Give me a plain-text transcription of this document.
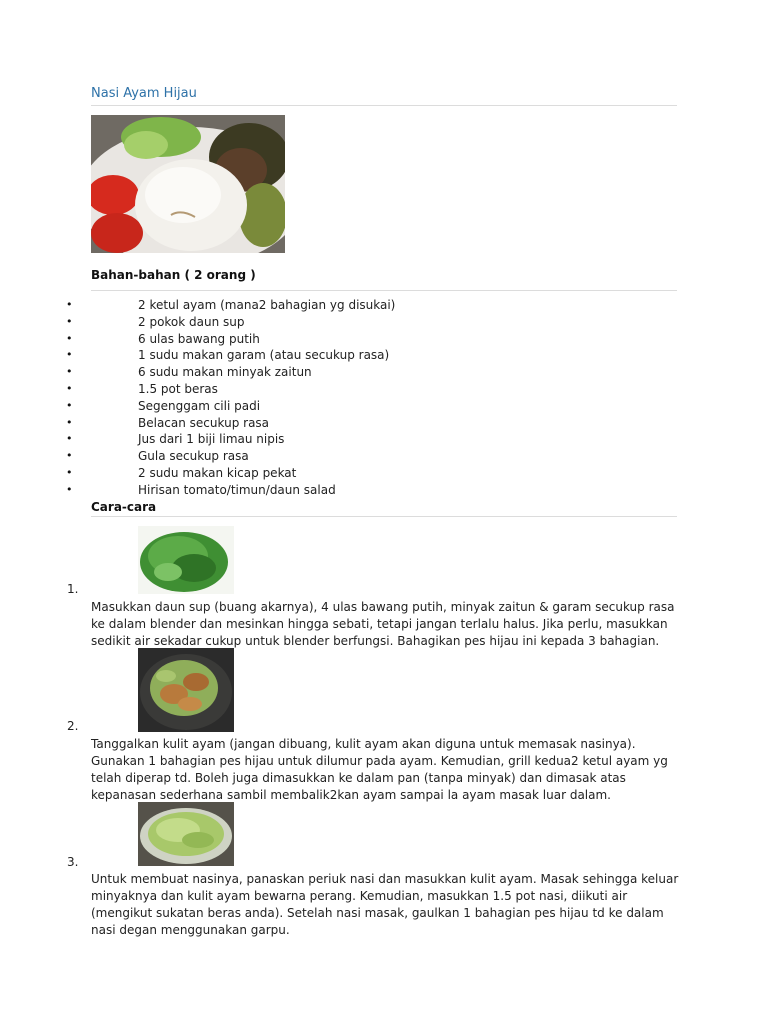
Nasi Ayam Hijau
Bahan-bahan ( 2 orang )
•	2 ketul ayam (mana2 bahagian yg disukai)
•	2 pokok daun sup
•	6 ulas bawang putih
•	1 sudu makan garam (atau secukup rasa)
•	6 sudu makan minyak zaitun
•	1.5 pot beras
•	Segenggam cili padi
•	Belacan secukup rasa
•	Jus dari 1 biji limau nipis
•	Gula secukup rasa
•	2 sudu makan kicap pekat
•	Hirisan tomato/timun/daun salad
Cara-cara
1.

Masukkan daun sup (buang akarnya), 4 ulas bawang putih, minyak zaitun & garam secukup rasa ke dalam blender dan mesinkan hingga sebati, tetapi jangan terlalu halus. Jika perlu, masukkan sedikit air sekadar cukup untuk blender berfungsi. Bahagikan pes hijau ini kepada 3 bahagian.

2.

Tanggalkan kulit ayam (jangan dibuang, kulit ayam akan diguna untuk memasak nasinya). Gunakan 1 bahagian pes hijau untuk dilumur pada ayam. Kemudian, grill kedua2 ketul ayam yg telah diperap td. Boleh juga dimasukkan ke dalam pan (tanpa minyak) dan dimasak atas kepanasan sederhana sambil membalik2kan ayam sampai la ayam masak luar dalam.

3.

Untuk membuat nasinya, panaskan periuk nasi dan masukkan kulit ayam. Masak sehingga keluar minyaknya dan kulit ayam bewarna perang. Kemudian, masukkan 1.5 pot nasi, diikuti air (mengikut sukatan beras anda). Setelah nasi masak, gaulkan 1 bahagian pes hijau td ke dalam nasi degan menggunakan garpu.
